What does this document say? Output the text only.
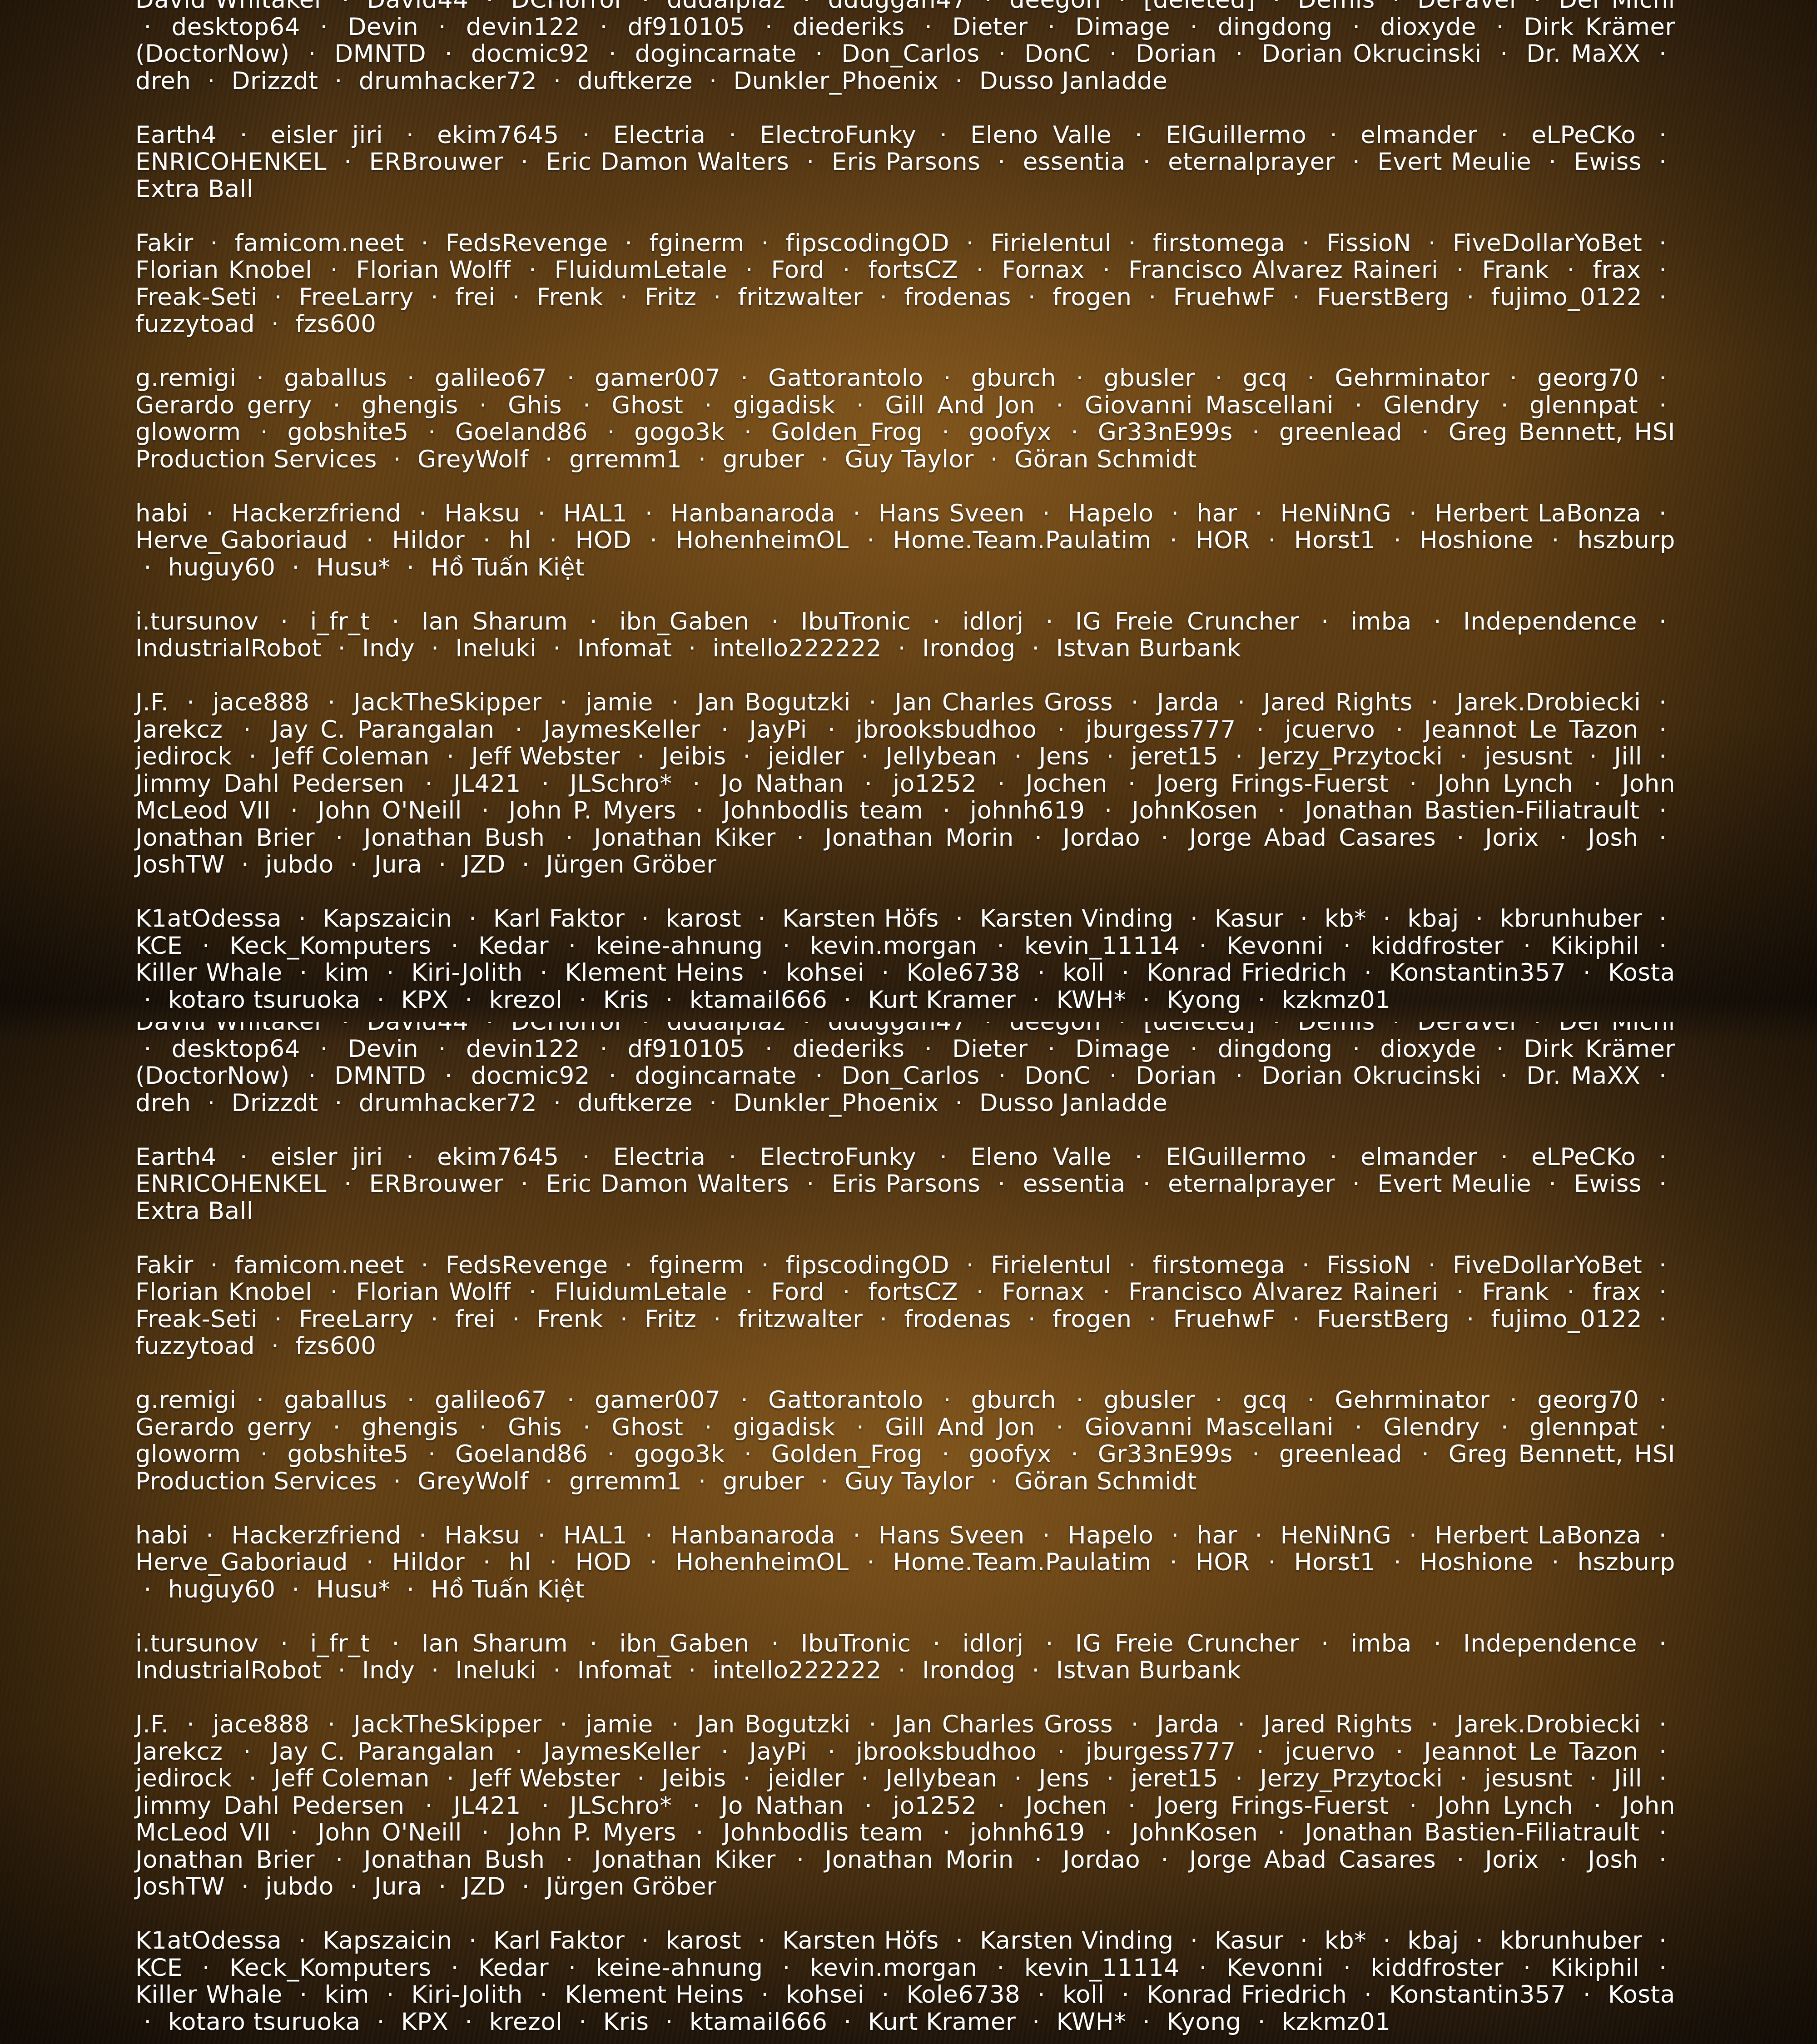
· desktop64 · Devin · devin122 · df910105 · diederiks · Dieter · Dimage · dingdong · dioxyde · Dirk Krämer (DoctorNow) · DMNTD · docmic92 · dogincarnate · Don_Carlos · DonC · Dorian · Dorian Okrucinski · Dr. MaXX · dreh · Drizzdt · drumhacker72 · duftkerze · Dunkler_Phoenix · Dusso Janladde
Earth4 · eisler jiri · ekim7645 · Electria · ElectroFunky · Eleno Valle · ElGuillermo · elmander · eLPeCKo · ENRICOHENKEL · ERBrouwer · Eric Damon Walters · Eris Parsons · essentia · eternalprayer · Evert Meulie · Ewiss · Extra Ball
Fakir · famicom.neet · FedsRevenge · fginerm · fipscodingOD · Firielentul · firstomega · FissioN · FiveDollarYoBet · Florian Knobel · Florian Wolff · FluidumLetale · Ford · fortsCZ · Fornax · Francisco Alvarez Raineri · Frank · frax · Freak-Seti · FreeLarry · frei · Frenk · Fritz · fritzwalter · frodenas · frogen · FruehwF · FuerstBerg · fujimo_0122 · fuzzytoad · fzs600
g.remigi · gaballus · galileo67 · gamer007 · Gattorantolo · gburch · gbusler · gcq · Gehrminator · georg70 · Gerardo gerry · ghengis · Ghis · Ghost · gigadisk · Gill And Jon · Giovanni Mascellani · Glendry · glennpat · gloworm · gobshite5 · Goeland86 · gogo3k · Golden_Frog · goofyx · Gr33nE99s · greenlead · Greg Bennett, HSI Production Services · GreyWolf · grremm1 · gruber · Guy Taylor · Göran Schmidt
habi · Hackerzfriend · Haksu · HAL1 · Hanbanaroda · Hans Sveen · Hapelo · har · HeNiNnG · Herbert LaBonza · Herve_Gaboriaud · Hildor · hl · HOD · HohenheimOL · Home.Team.Paulatim · HOR · Horst1 · Hoshione · hszburp · huguy60 · Husu* · Hồ Tuấn Kiệt
i.tursunov · i_fr_t · Ian Sharum · ibn_Gaben · IbuTronic · idlorj · IG Freie Cruncher · imba · Independence · IndustrialRobot · Indy · Ineluki · Infomat · intello222222 · Irondog · Istvan Burbank
J.F. · jace888 · JackTheSkipper · jamie · Jan Bogutzki · Jan Charles Gross · Jarda · Jared Rights · Jarek.Drobiecki · Jarekcz · Jay C. Parangalan · JaymesKeller · JayPi · jbrooksbudhoo · jburgess777 · jcuervo · Jeannot Le Tazon · jedirock · Jeff Coleman · Jeff Webster · Jeibis · jeidler · Jellybean · Jens · jeret15 · Jerzy_Przytocki · jesusnt · Jill · Jimmy Dahl Pedersen · JL421 · JLSchro* · Jo Nathan · jo1252 · Jochen · Joerg Frings-Fuerst · John Lynch · John McLeod VII · John O'Neill · John P. Myers · Johnbodlis team · johnh619 · JohnKosen · Jonathan Bastien-Filiatrault · Jonathan Brier · Jonathan Bush · Jonathan Kiker · Jonathan Morin · Jordao · Jorge Abad Casares · Jorix · Josh · JoshTW · jubdo · Jura · JZD · Jürgen Gröber
K1atOdessa · Kapszaicin · Karl Faktor · karost · Karsten Höfs · Karsten Vinding · Kasur · kb* · kbaj · kbrunhuber · KCE · Keck_Komputers · Kedar · keine-ahnung · kevin.morgan · kevin_11114 · Kevonni · kiddfroster · Kikiphil · Killer Whale · kim · Kiri-Jolith · Klement Heins · kohsei · Kole6738 · koll · Konrad Friedrich · Konstantin357 · Kosta · kotaro tsuruoka · KPX · krezol · Kris · ktamail666 · Kurt Kramer · KWH* · Kyong · kzkmz01
· desktop64 · Devin · devin122 · df910105 · diederiks · Dieter · Dimage · dingdong · dioxyde · Dirk Krämer (DoctorNow) · DMNTD · docmic92 · dogincarnate · Don_Carlos · DonC · Dorian · Dorian Okrucinski · Dr. MaXX · dreh · Drizzdt · drumhacker72 · duftkerze · Dunkler_Phoenix · Dusso Janladde
Earth4 · eisler jiri · ekim7645 · Electria · ElectroFunky · Eleno Valle · ElGuillermo · elmander · eLPeCKo · ENRICOHENKEL · ERBrouwer · Eric Damon Walters · Eris Parsons · essentia · eternalprayer · Evert Meulie · Ewiss · Extra Ball
Fakir · famicom.neet · FedsRevenge · fginerm · fipscodingOD · Firielentul · firstomega · FissioN · FiveDollarYoBet · Florian Knobel · Florian Wolff · FluidumLetale · Ford · fortsCZ · Fornax · Francisco Alvarez Raineri · Frank · frax · Freak-Seti · FreeLarry · frei · Frenk · Fritz · fritzwalter · frodenas · frogen · FruehwF · FuerstBerg · fujimo_0122 · fuzzytoad · fzs600
g.remigi · gaballus · galileo67 · gamer007 · Gattorantolo · gburch · gbusler · gcq · Gehrminator · georg70 · Gerardo gerry · ghengis · Ghis · Ghost · gigadisk · Gill And Jon · Giovanni Mascellani · Glendry · glennpat · gloworm · gobshite5 · Goeland86 · gogo3k · Golden_Frog · goofyx · Gr33nE99s · greenlead · Greg Bennett, HSI Production Services · GreyWolf · grremm1 · gruber · Guy Taylor · Göran Schmidt
habi · Hackerzfriend · Haksu · HAL1 · Hanbanaroda · Hans Sveen · Hapelo · har · HeNiNnG · Herbert LaBonza · Herve_Gaboriaud · Hildor · hl · HOD · HohenheimOL · Home.Team.Paulatim · HOR · Horst1 · Hoshione · hszburp · huguy60 · Husu* · Hồ Tuấn Kiệt
i.tursunov · i_fr_t · Ian Sharum · ibn_Gaben · IbuTronic · idlorj · IG Freie Cruncher · imba · Independence · IndustrialRobot · Indy · Ineluki · Infomat · intello222222 · Irondog · Istvan Burbank
J.F. · jace888 · JackTheSkipper · jamie · Jan Bogutzki · Jan Charles Gross · Jarda · Jared Rights · Jarek.Drobiecki · Jarekcz · Jay C. Parangalan · JaymesKeller · JayPi · jbrooksbudhoo · jburgess777 · jcuervo · Jeannot Le Tazon · jedirock · Jeff Coleman · Jeff Webster · Jeibis · jeidler · Jellybean · Jens · jeret15 · Jerzy_Przytocki · jesusnt · Jill · Jimmy Dahl Pedersen · JL421 · JLSchro* · Jo Nathan · jo1252 · Jochen · Joerg Frings-Fuerst · John Lynch · John McLeod VII · John O'Neill · John P. Myers · Johnbodlis team · johnh619 · JohnKosen · Jonathan Bastien-Filiatrault · Jonathan Brier · Jonathan Bush · Jonathan Kiker · Jonathan Morin · Jordao · Jorge Abad Casares · Jorix · Josh · JoshTW · jubdo · Jura · JZD · Jürgen Gröber
K1atOdessa · Kapszaicin · Karl Faktor · karost · Karsten Höfs · Karsten Vinding · Kasur · kb* · kbaj · kbrunhuber · KCE · Keck_Komputers · Kedar · keine-ahnung · kevin.morgan · kevin_11114 · Kevonni · kiddfroster · Kikiphil · Killer Whale · kim · Kiri-Jolith · Klement Heins · kohsei · Kole6738 · koll · Konrad Friedrich · Konstantin357 · Kosta · kotaro tsuruoka · KPX · krezol · Kris · ktamail666 · Kurt Kramer · KWH* · Kyong · kzkmz01
